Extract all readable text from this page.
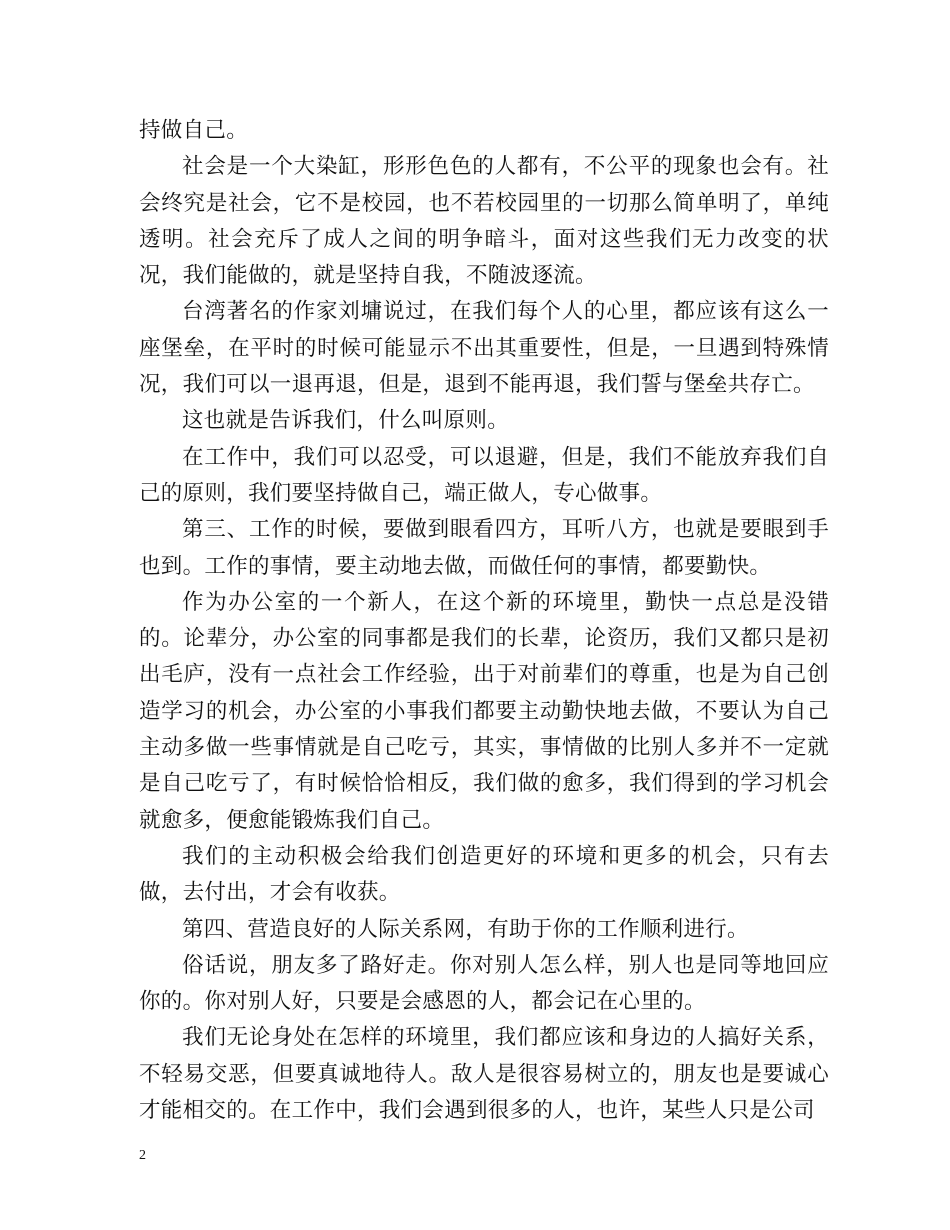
持做自己。

社会是一个大染缸，形形色色的人都有，不公平的现象也会有。社会终究是社会，它不是校园，也不若校园里的一切那么简单明了，单纯透明。社会充斥了成人之间的明争暗斗，面对这些我们无力改变的状况，我们能做的，就是坚持自我，不随波逐流。

台湾著名的作家刘墉说过，在我们每个人的心里，都应该有这么一座堡垒，在平时的时候可能显示不出其重要性，但是，一旦遇到特殊情况，我们可以一退再退，但是，退到不能再退，我们誓与堡垒共存亡。

这也就是告诉我们，什么叫原则。

在工作中，我们可以忍受，可以退避，但是，我们不能放弃我们自己的原则，我们要坚持做自己，端正做人，专心做事。

第三、工作的时候，要做到眼看四方，耳听八方，也就是要眼到手也到。工作的事情，要主动地去做，而做任何的事情，都要勤快。

作为办公室的一个新人，在这个新的环境里，勤快一点总是没错的。论辈分，办公室的同事都是我们的长辈，论资历，我们又都只是初出毛庐，没有一点社会工作经验，出于对前辈们的尊重，也是为自己创造学习的机会，办公室的小事我们都要主动勤快地去做，不要认为自己主动多做一些事情就是自己吃亏，其实，事情做的比别人多并不一定就是自己吃亏了，有时候恰恰相反，我们做的愈多，我们得到的学习机会就愈多，便愈能锻炼我们自己。

我们的主动积极会给我们创造更好的环境和更多的机会，只有去做，去付出，才会有收获。

第四、营造良好的人际关系网，有助于你的工作顺利进行。

俗话说，朋友多了路好走。你对别人怎么样，别人也是同等地回应你的。你对别人好，只要是会感恩的人，都会记在心里的。

我们无论身处在怎样的环境里，我们都应该和身边的人搞好关系，不轻易交恶，但要真诚地待人。敌人是很容易树立的，朋友也是要诚心才能相交的。在工作中，我们会遇到很多的人，也许，某些人只是公司

2
